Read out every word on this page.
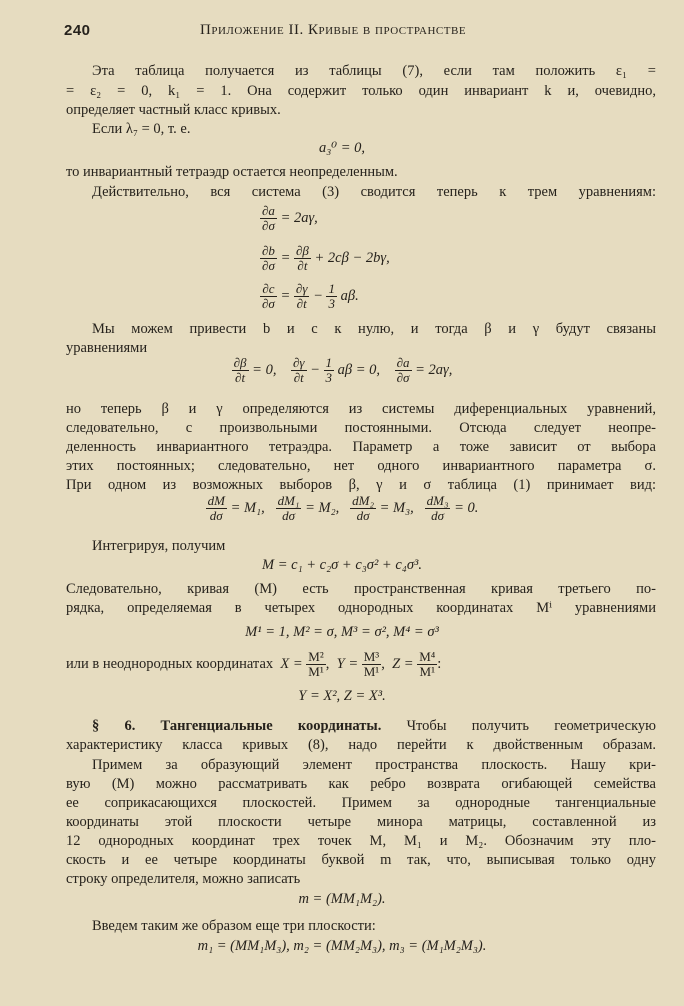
240	Приложение II. Кривые в пространстве
Эта таблица получается из таблицы (7), если там положить ε₁ =
= ε₂ = 0, k₁ = 1. Она содержит только один инвариант k и, очевидно,
определяет частный класс кривых.
Если λ₇ = 0, т. е.
a₃⁰ = 0,
то инвариантный тетраэдр остается неопределенным.
Действительно, вся система (3) сводится теперь к трем уравнениям:
$\frac{\partial a}{\partial\sigma} = 2a\gamma$,
$\frac{\partial b}{\partial\sigma} = \frac{\partial\beta}{\partial t} + 2c\beta - 2b\gamma$,
$\frac{\partial c}{\partial\sigma} = \frac{\partial\gamma}{\partial t} - \frac{1}{3} a\beta$.
Мы можем привести b и c к нулю, и тогда β и γ будут связаны
уравнениями
$\frac{\partial\beta}{\partial t} = 0$, $\frac{\partial\gamma}{\partial t} - \frac{1}{3}$ aβ = 0, $\frac{\partial a}{\partial\sigma} = 2a\gamma$,
но теперь β и γ определяются из системы диференциальных уравнений,
следовательно, с произвольными постоянными. Отсюда следует неопре-
деленность инвариантного тетраэдра. Параметр a тоже зависит от выбора
этих постоянных; следовательно, нет одного инвариантного параметра σ.
При одном из возможных выборов β, γ и σ таблица (1) принимает вид:
$\frac{dM}{d\sigma} = M_1$, $\frac{\text{dM₁}}{d\sigma} = M_2$, $\frac{\text{dM₂}}{d\sigma} = M_3$, $\frac{\text{dM₃}}{d\sigma} = 0$.
Интегрируя, получим
M = c₁ + c₂σ + c₃σ² + c₄σ³.
Следовательно, кривая (M) есть пространственная кривая третьего по-
рядка, определяемая в четырех однородных координатах Mⁱ уравнениями
M¹ = 1, M² = σ, M³ = σ², M⁴ = σ³
или в неоднородных координатах $X = \frac{\text{M²}}{\text{M¹}}$ ,  $Y = \frac{\text{M³}}{\text{M¹}}$ ,  $Z = \frac{\text{M⁴}}{\text{M¹}}$ :
Y = X², Z = X³.
§ 6. Тангенциальные координаты. Чтобы получить геометрическую
характеристику класса кривых (8), надо перейти к двойственным образам.
Примем за образующий элемент пространства плоскость. Нашу кри-
вую (M) можно рассматривать как ребро возврата огибающей семейства
ее соприкасающихся плоскостей. Примем за однородные тангенциальные
координаты этой плоскости четыре минора матрицы, составленной из
12 однородных координат трех точек M, M₁ и M₂. Обозначим эту пло-
скость и ее четыре координаты буквой m так, что, выписывая только одну
строку определителя, можно записать
m = (MM₁M₂).
Введем таким же образом еще три плоскости:
m₁ = (MM₁M₃), m₂ = (MM₂M₃), m₃ = (M₁M₂M₃).
